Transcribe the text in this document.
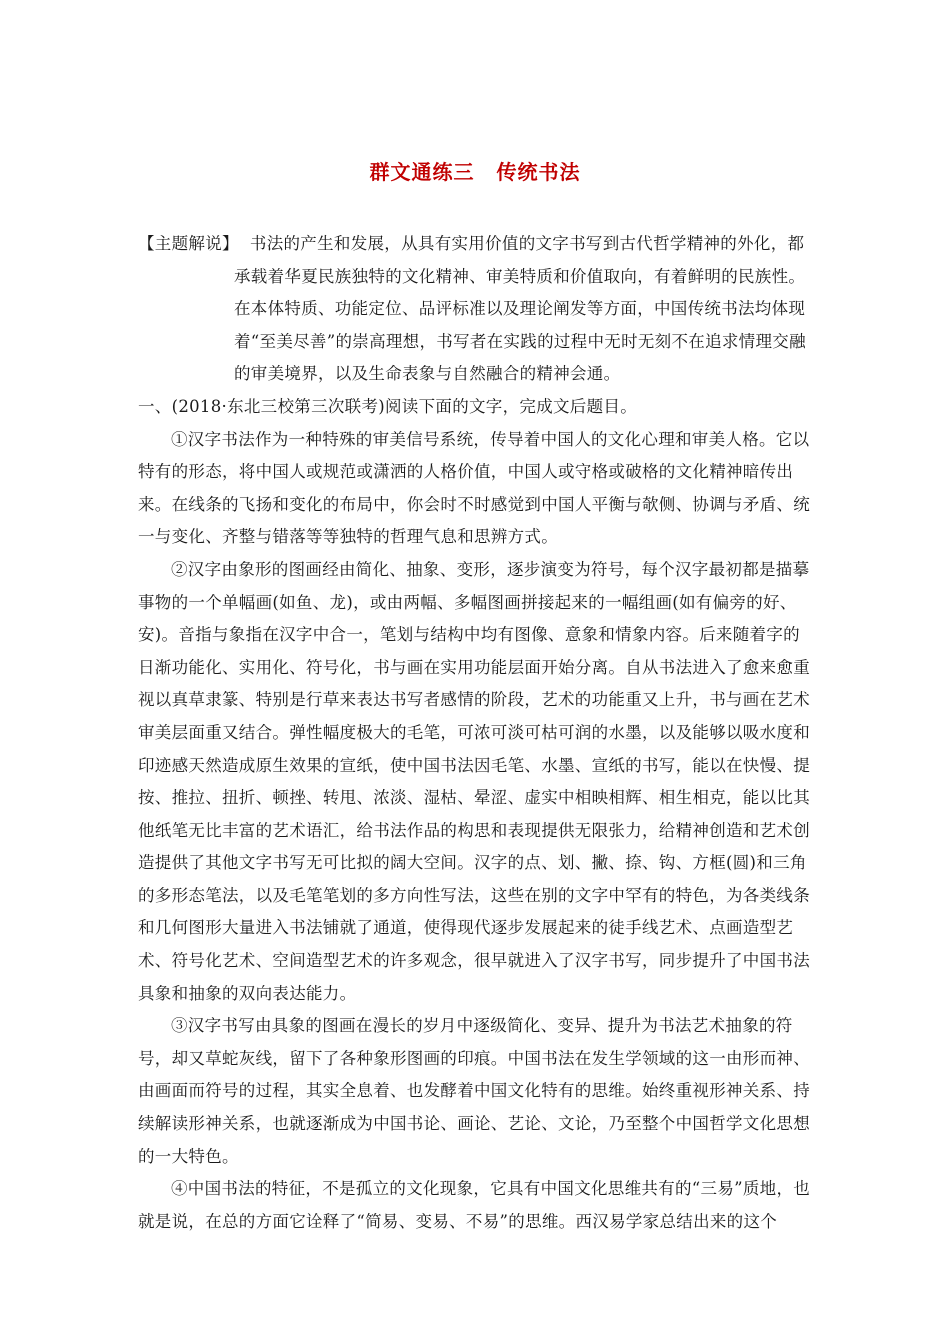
群文通练三 传统书法

【主题解说】 书法的产生和发展，从具有实用价值的文字书写到古代哲学精神的外化，都承载着华夏民族独特的文化精神、审美特质和价值取向，有着鲜明的民族性。在本体特质、功能定位、品评标准以及理论阐发等方面，中国传统书法均体现着“至美尽善”的崇高理想，书写者在实践的过程中无时无刻不在追求情理交融的审美境界，以及生命表象与自然融合的精神会通。

一、(2018·东北三校第三次联考)阅读下面的文字，完成文后题目。

①汉字书法作为一种特殊的审美信号系统，传导着中国人的文化心理和审美人格。它以特有的形态，将中国人或规范或潇洒的人格价值，中国人或守格或破格的文化精神暗传出来。在线条的飞扬和变化的布局中，你会时不时感觉到中国人平衡与欹侧、协调与矛盾、统一与变化、齐整与错落等等独特的哲理气息和思辨方式。

②汉字由象形的图画经由简化、抽象、变形，逐步演变为符号，每个汉字最初都是描摹事物的一个单幅画(如鱼、龙)，或由两幅、多幅图画拼接起来的一幅组画(如有偏旁的好、安)。音指与象指在汉字中合一，笔划与结构中均有图像、意象和情象内容。后来随着字的日渐功能化、实用化、符号化，书与画在实用功能层面开始分离。自从书法进入了愈来愈重视以真草隶篆、特别是行草来表达书写者感情的阶段，艺术的功能重又上升，书与画在艺术审美层面重又结合。弹性幅度极大的毛笔，可浓可淡可枯可润的水墨，以及能够以吸水度和印迹感天然造成原生效果的宣纸，使中国书法因毛笔、水墨、宣纸的书写，能以在快慢、提按、推拉、扭折、顿挫、转甩、浓淡、湿枯、晕涩、虚实中相映相辉、相生相克，能以比其他纸笔无比丰富的艺术语汇，给书法作品的构思和表现提供无限张力，给精神创造和艺术创造提供了其他文字书写无可比拟的阔大空间。汉字的点、划、撇、捺、钩、方框(圆)和三角的多形态笔法，以及毛笔笔划的多方向性写法，这些在别的文字中罕有的特色，为各类线条和几何图形大量进入书法铺就了通道，使得现代逐步发展起来的徒手线艺术、点画造型艺术、符号化艺术、空间造型艺术的许多观念，很早就进入了汉字书写，同步提升了中国书法具象和抽象的双向表达能力。

③汉字书写由具象的图画在漫长的岁月中逐级简化、变异、提升为书法艺术抽象的符号，却又草蛇灰线，留下了各种象形图画的印痕。中国书法在发生学领域的这一由形而神、由画面而符号的过程，其实全息着、也发酵着中国文化特有的思维。始终重视形神关系、持续解读形神关系，也就逐渐成为中国书论、画论、艺论、文论，乃至整个中国哲学文化思想的一大特色。

④中国书法的特征，不是孤立的文化现象，它具有中国文化思维共有的“三易”质地，也就是说，在总的方面它诠释了“简易、变易、不易”的思维。西汉易学家总结出来的这个
